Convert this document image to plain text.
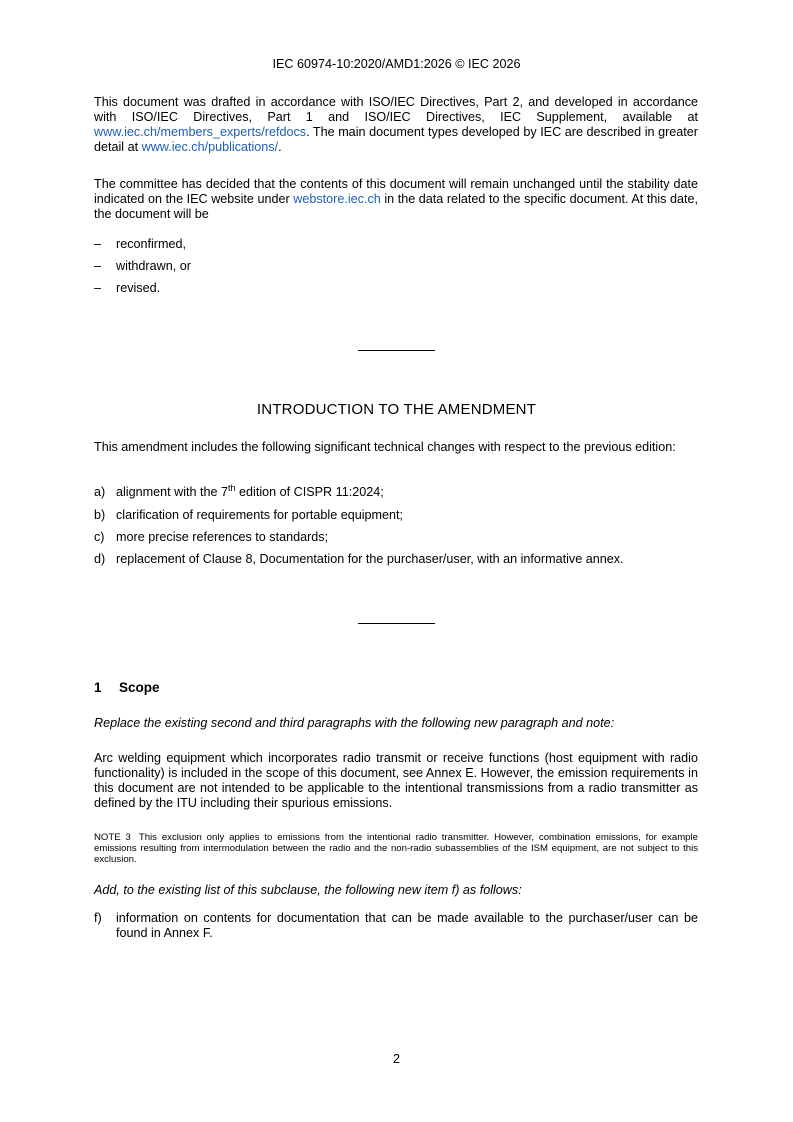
IEC 60974-10:2020/AMD1:2026 © IEC 2026
This document was drafted in accordance with ISO/IEC Directives, Part 2, and developed in accordance with ISO/IEC Directives, Part 1 and ISO/IEC Directives, IEC Supplement, available at www.iec.ch/members_experts/refdocs. The main document types developed by IEC are described in greater detail at www.iec.ch/publications/.
The committee has decided that the contents of this document will remain unchanged until the stability date indicated on the IEC website under webstore.iec.ch in the data related to the specific document. At this date, the document will be
– reconfirmed,
– withdrawn, or
– revised.
INTRODUCTION TO THE AMENDMENT
This amendment includes the following significant technical changes with respect to the previous edition:
a) alignment with the 7th edition of CISPR 11:2024;
b) clarification of requirements for portable equipment;
c) more precise references to standards;
d) replacement of Clause 8, Documentation for the purchaser/user, with an informative annex.
1 Scope
Replace the existing second and third paragraphs with the following new paragraph and note:
Arc welding equipment which incorporates radio transmit or receive functions (host equipment with radio functionality) is included in the scope of this document, see Annex E. However, the emission requirements in this document are not intended to be applicable to the intentional transmissions from a radio transmitter as defined by the ITU including their spurious emissions.
NOTE 3 This exclusion only applies to emissions from the intentional radio transmitter. However, combination emissions, for example emissions resulting from intermodulation between the radio and the non-radio subassemblies of the ISM equipment, are not subject to this exclusion.
Add, to the existing list of this subclause, the following new item f) as follows:
f) information on contents for documentation that can be made available to the purchaser/user can be found in Annex F.
2
